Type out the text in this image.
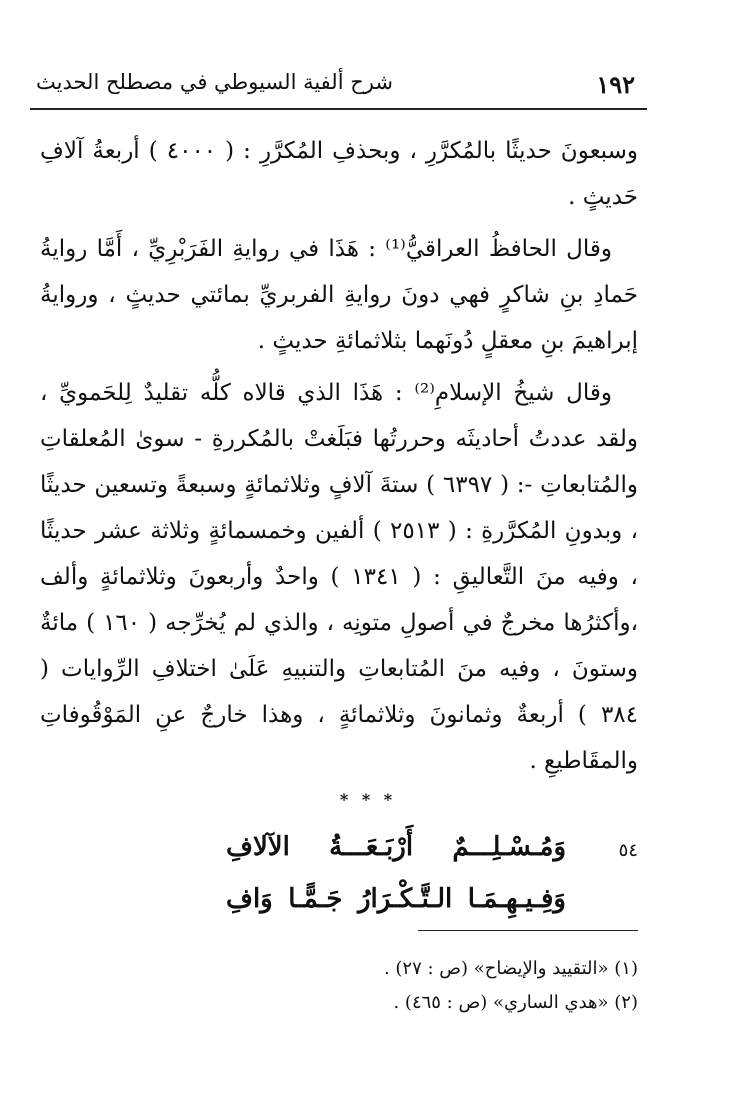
١٩٢
شرح ألفية السيوطي في مصطلح الحديث

وسبعونَ حديثًا بالمُكرَّرِ ، وبحذفِ المُكرَّرِ : ( ٤٠٠٠ ) أربعةُ آلافِ حَديثٍ .

وقال الحافظُ العراقيُّ⁽¹⁾ : هَذَا في روايةِ الفَرَبْرِيِّ ، أَمَّا روايةُ حَمادِ بنِ شاكرٍ فهي دونَ روايةِ الفربريِّ بمائتي حديثٍ ، وروايةُ إبراهيمَ بنِ معقلٍ دُونَهما بثلاثمائةِ حديثٍ .

وقال شيخُ الإسلامِ⁽²⁾ : هَذَا الذي قالاه كلُّه تقليدٌ لِلحَمويِّ ، ولقد عددتُ أحاديثَه وحررتُها فبَلَغتْ بالمُكررةِ - سوىٰ المُعلقاتِ والمُتابعاتِ -: ( ٦٣٩٧ ) ستةَ آلافٍ وثلاثمائةٍ وسبعةً وتسعين حديثًا ، وبدونِ المُكرَّرةِ : ( ٢٥١٣ ) ألفين وخمسمائةٍ وثلاثة عشر حديثًا ، وفيه منَ التَّعاليقِ : ( ١٣٤١ ) واحدٌ وأربعونَ وثلاثمائةٍ وألف ،وأكثرُها مخرجٌ في أصولِ متونِه ، والذي لم يُخرِّجه ( ١٦٠ ) مائةٌ وستونَ ، وفيه منَ المُتابعاتِ والتنبيهِ عَلَىٰ اختلافِ الرِّوايات ( ٣٨٤ ) أربعةٌ وثمانونَ وثلاثمائةٍ ، وهذا خارجٌ عنِ المَوْقُوفاتِ والمقَاطيعِ .

* * *
٥٤
وَمُـسْـلِـــمٌ أَرْبَـعَـــةُ الآلافِ
وَفِـيـهِـمَـا الـتَّـكْـرَارُ جَـمًّـا وَافِ
(١) «التقييد والإيضاح» (ص : ٢٧) .
(٢) «هدي الساري» (ص : ٤٦٥) .
